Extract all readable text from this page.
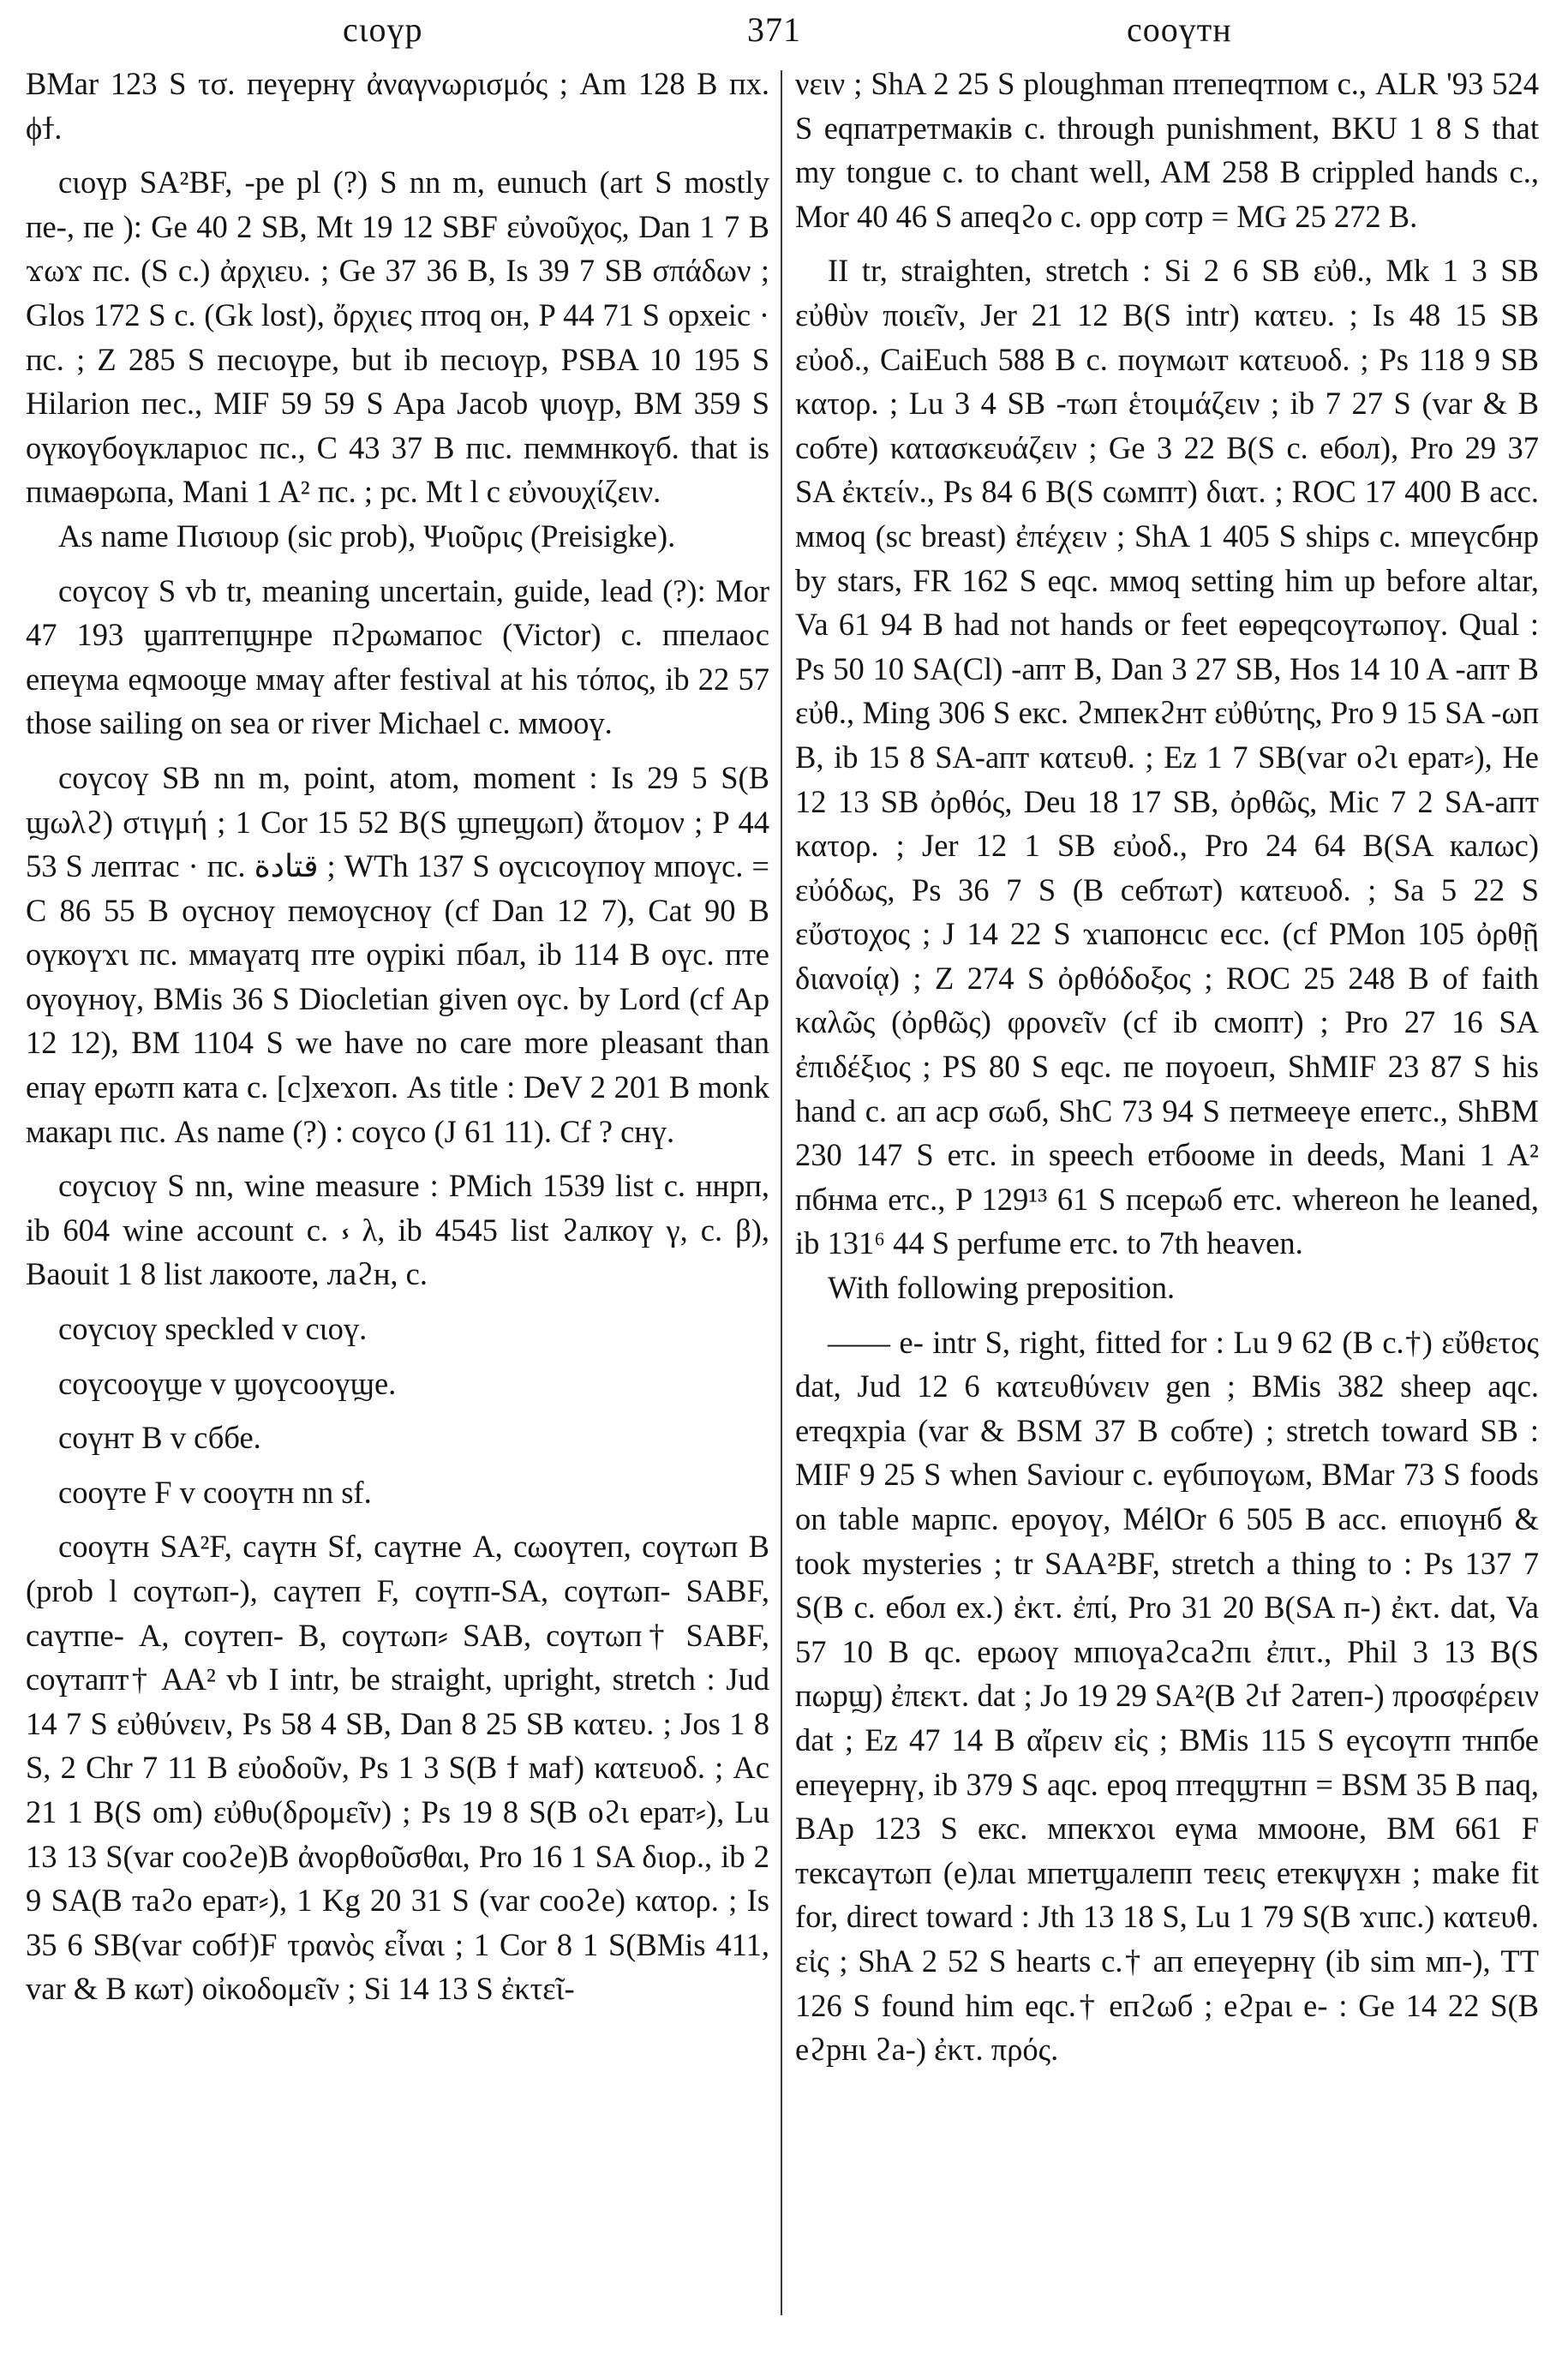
сιоүр	371	сооүтн

BMar 123 S τσ. пеүернү ἀναγνωρισμός ; Am 128 B пх. ϕϯ.

сιоүр SA²BF, -ре pl (?) S nn m, eunuch (art S mostly пе-, пе ): Ge 40 2 SB, Mt 19 12 SBF εὐνοῦχος, Dan 1 7 B ϫωϫ пс. (S с.) ἀρχιευ. ; Ge 37 36 B, Is 39 7 SB σπάδων ; Glos 172 S с. (Gk lost), ὄρχιες птоq он, P 44 71 S орхеіс · пс. ; Z 285 S песιоүре, but ib песιоүр, PSBA 10 195 S Hilarion пес., MIF 59 59 S Apa Jacob ѱιоүр, BM 359 S оүкоүбоүклаpιос пс., С 43 37 B пιс. пеммнкоүб. that is пιмаѳрωпа, Mani 1 A² пс. ; рс. Mt l c εὐνουχίζειν.

As name Πισιουρ (sic prob), Ψιοῦρις (Preisigke).

соүсоү S vb tr, meaning uncertain, guide, lead (?): Mor 47 193 ϣаптепϣнре пϩрωмапос (Victor) с. ппелаос епеүма еqмооϣе ммаү after festival at his τόπος, ib 22 57 those sailing on sea or river Michael с. ммооү.

соүсоү SB nn m, point, atom, moment : Is 29 5 S(B ϣωλϩ) στιγμή ; 1 Cor 15 52 B(S ϣпеϣωп) ἄτομον ; P 44 53 S лептас · пс. قتادة ; WTh 137 S оүсιсоүпоү мпоүс. = С 86 55 B оүсноү пемоүсноү (cf Dan 12 7), Cat 90 B оүкоүϫι пс. ммаүатq пте оүрікі пбал, ib 114 B оүс. пте оүоүноү, BMis 36 S Diocletian given оүс. by Lord (cf Ap 12 12), BM 1104 S we have no care more pleasant than епаү ерωтп ката с. [с]хеϫоп. As title : DeV 2 201 B monk макарι пιс. As name (?) : соүсо (J 61 11). Cf ? снү.

соүсιоү S nn, wine measure : PMich 1539 list с. ннрп, ib 604 wine account с. ⳽ λ, ib 4545 list ϩалкоү γ, с. β), Baouit 1 8 list лакооте, лаϩн, с.

соүсιоү speckled v сιоү.

соүсооүϣе v ϣоүсооүϣе.

соүнт B v сббе.

сооүте F v сооүтн nn sf.

сооүтн SA²F, саүтн Sf, саүтне A, сωоүтеп, соүтωп B (prob l соүтωп-), саүтеп F, соүтп-SA, соүтωп- SABF, саүтпе- A, соүтеп- B, соүтωп⸗ SAB, соүтωп† SABF, соүтапт† AA² vb I intr, be straight, upright, stretch : Jud 14 7 S εὐθύνειν, Ps 58 4 SB, Dan 8 25 SB κατευ. ; Jos 1 8 S, 2 Chr 7 11 B εὐοδοῦν, Ps 1 3 S(B ϯ маϯ) κατευοδ. ; Ac 21 1 B(S om) εὐθυ(δρομεῖν) ; Ps 19 8 S(B оϩι ерат⸗), Lu 13 13 S(var сооϩе)B ἀνορθοῦσθαι, Pro 16 1 SA διορ., ib 2 9 SA(B таϩо ерат⸗), 1 Kg 20 31 S (var сооϩе) κατορ. ; Is 35 6 SB(var собϯ)F τρανὸς εἶναι ; 1 Cor 8 1 S(BMis 411, var & B кωт) οἰκοδομεῖν ; Si 14 13 S ἐκτεῖ-

νειν ; ShA 2 25 S ploughman птепеqтпом с., ALR '93 524 S еqпатретмаків с. through punishment, BKU 1 8 S that my tongue с. to chant well, AM 258 B crippled hands с., Mor 40 46 S апеqϩо с. opp сотр = MG 25 272 B.

II tr, straighten, stretch : Si 2 6 SB εὐθ., Mk 1 3 SB εὐθὺν ποιεῖν, Jer 21 12 B(S intr) κατευ. ; Is 48 15 SB εὐοδ., CaiEuch 588 B с. поүмωιт κατευοδ. ; Ps 118 9 SB κατορ. ; Lu 3 4 SB -тωп ἑτοιμάζειν ; ib 7 27 S (var & B собте) κατασκευάζειν ; Ge 3 22 B(S с. ебол), Pro 29 37 SA ἐκτείν., Ps 84 6 B(S сωмпт) διατ. ; ROC 17 400 B асс. ммоq (sc breast) ἐπέχειν ; ShA 1 405 S ships с. мпеүсбнр by stars, FR 162 S еqс. ммоq setting him up before altar, Va 61 94 B had not hands or feet еѳреqсоүтωпоү. Qual : Ps 50 10 SA(Cl) -апт B, Dan 3 27 SB, Hos 14 10 A -апт B εὐθ., Ming 306 S екс. ϩмпекϩнт εὐθύτης, Pro 9 15 SA -ωп B, ib 15 8 SA-апт κατευθ. ; Ez 1 7 SB(var оϩι ерат⸗), He 12 13 SB ὀρθός, Deu 18 17 SB, ὀρθῶς, Mic 7 2 SA-апт κατορ. ; Jer 12 1 SB εὐοδ., Pro 24 64 B(SA калωс) εὐόδως, Ps 36 7 S (B себтωт) κατευοδ. ; Sa 5 22 S εὔστοχος ; J 14 22 S ϫιапонсιс есс. (cf PMon 105 ὀρθῇ διανοίᾳ) ; Z 274 S ὀρθόδοξος ; ROC 25 248 B of faith καλῶς (ὀρθῶς) φρονεῖν (cf ib смопт) ; Pro 27 16 SA ἐπιδέξιος ; PS 80 S еqс. пе поүоеιп, ShMIF 23 87 S his hand с. ап аср σωб, ShC 73 94 S петмееүе епетс., ShBM 230 147 S етс. in speech етбооме in deeds, Mani 1 A² пбнма етс., P 129¹³ 61 S псерωб етс. whereon he leaned, ib 131⁶ 44 S perfume етс. to 7th heaven.

With following preposition.

—— е- intr S, right, fitted for : Lu 9 62 (B с.†) εὔθετος dat, Jud 12 6 κατευθύνειν gen ; BMis 382 sheep аqс. етеqхріа (var & BSM 37 B собте) ; stretch toward SB : MIF 9 25 S when Saviour с. еүбιпоүωм, BMar 73 S foods on table марпс. ероүоү, MélOr 6 505 B асс. епιоүнб & took mysteries ; tr SAA²BF, stretch a thing to : Ps 137 7 S(B с. ебол ех.) ἐκτ. ἐπί, Pro 31 20 B(SA п-) ἐκτ. dat, Va 57 10 B qс. ерωоү мпιоүаϩсаϩпι ἐπιτ., Phil 3 13 B(S пωрϣ) ἐπεκτ. dat ; Jo 19 29 SA²(B ϩιϯ ϩатеп-) προσφέρειν dat ; Ez 47 14 B αἴρειν εἰς ; BMis 115 S еүсоүтп тнпбе епеүернү, ib 379 S аqс. ероq птеqϣтнп = BSM 35 B паq, BAp 123 S екс. мпекϫоι еүма ммооне, BM 661 F тексаүтωп (е)лаι мпетϣалепп теεις етекѱүхн ; make fit for, direct toward : Jth 13 18 S, Lu 1 79 S(B ϫιпс.) κατευθ. εἰς ; ShA 2 52 S hearts с.† ап епеүернү (ib sim мп-), TT 126 S found him еqс.† епϩωб ; еϩраι е- : Ge 14 22 S(B еϩрнι ϩа-) ἐκτ. πρός.
